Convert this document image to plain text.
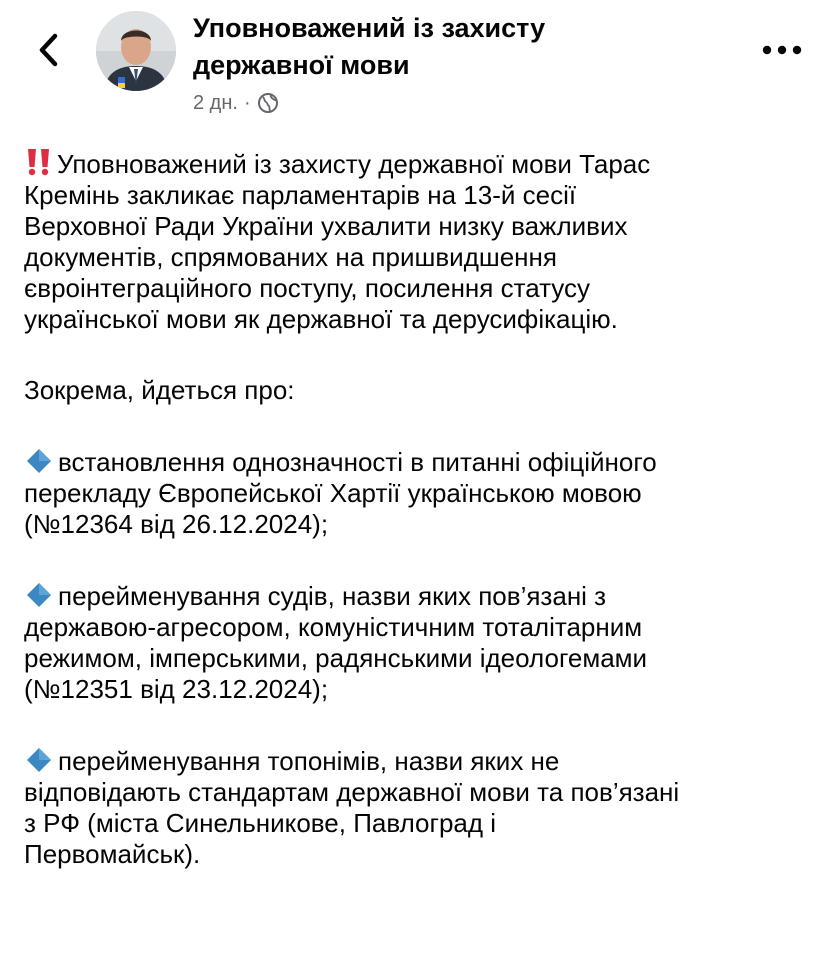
Уповноважений із захисту державної мови
2 дн. ·

Уповноважений із захисту державної мови Тарас
Кремінь закликає парламентарів на 13-й сесії
Верховної Ради України ухвалити низку важливих
документів, спрямованих на пришвидшення
євроінтеграційного поступу, посилення статусу
української мови як державної та дерусифікацію.

Зокрема, йдеться про:

встановлення однозначності в питанні офіційного
перекладу Європейської Хартії українською мовою
(№12364 від 26.12.2024);

перейменування судів, назви яких пов’язані з
державою-агресором, комуністичним тоталітарним
режимом, імперськими, радянськими ідеологемами
(№12351 від 23.12.2024);

перейменування топонімів, назви яких не
відповідають стандартам державної мови та пов’язані
з РФ (міста Синельникове, Павлоград і
Первомайськ).
